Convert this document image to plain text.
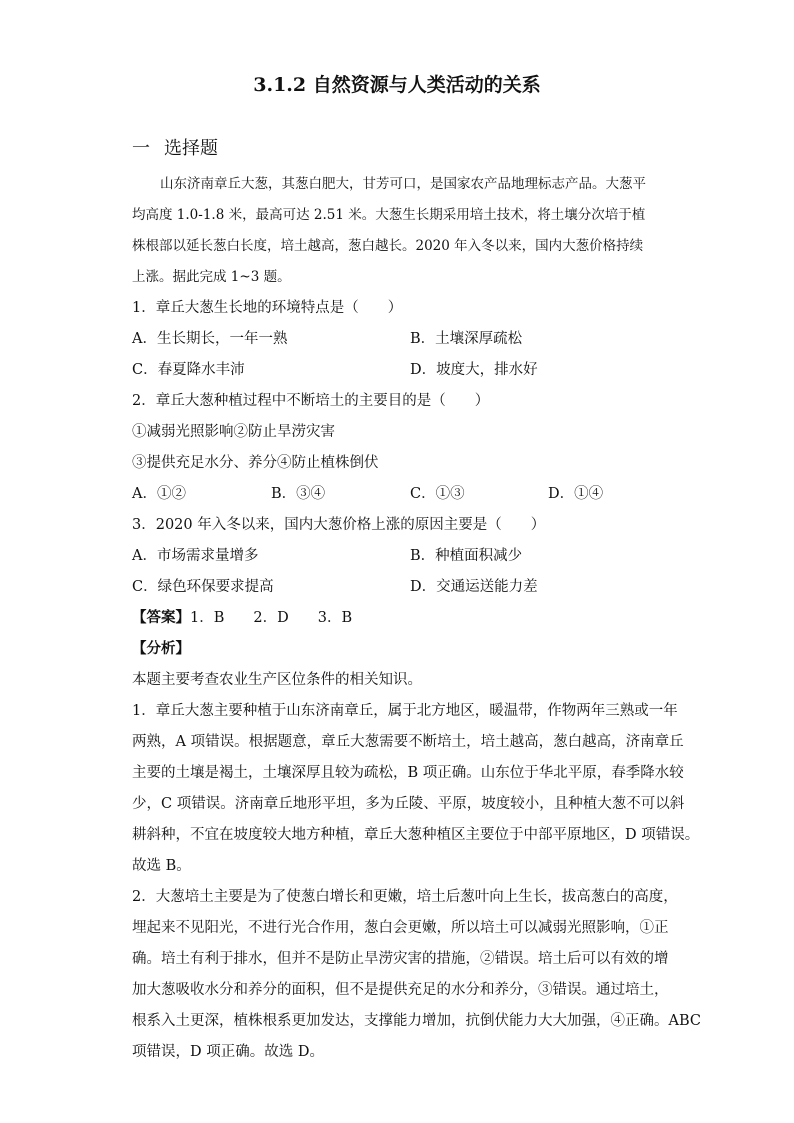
3.1.2 自然资源与人类活动的关系
一 选择题
山东济南章丘大葱，其葱白肥大，甘芳可口，是国家农产品地理标志产品。大葱平
均高度 1.0-1.8 米，最高可达 2.51 米。大葱生长期采用培土技术，将土壤分次培于植
株根部以延长葱白长度，培土越高，葱白越长。2020 年入冬以来，国内大葱价格持续
上涨。据此完成 1~3 题。
1．章丘大葱生长地的环境特点是（　　）
A．生长期长，一年一熟	B．土壤深厚疏松
C．春夏降水丰沛	D．坡度大，排水好
2．章丘大葱种植过程中不断培土的主要目的是（　　）
①减弱光照影响②防止旱涝灾害
③提供充足水分、养分④防止植株倒伏
A．①②	B．③④	C．①③	D．①④
3．2020 年入冬以来，国内大葱价格上涨的原因主要是（　　）
A．市场需求量增多	B．种植面积减少
C．绿色环保要求提高	D．交通运送能力差
【答案】1．B　　2．D　　3．B
【分析】
本题主要考查农业生产区位条件的相关知识。
1．章丘大葱主要种植于山东济南章丘，属于北方地区，暖温带，作物两年三熟或一年
两熟，A 项错误。根据题意，章丘大葱需要不断培土，培土越高，葱白越高，济南章丘
主要的土壤是褐土，土壤深厚且较为疏松，B 项正确。山东位于华北平原，春季降水较
少，C 项错误。济南章丘地形平坦，多为丘陵、平原，坡度较小，且种植大葱不可以斜
耕斜种，不宜在坡度较大地方种植，章丘大葱种植区主要位于中部平原地区，D 项错误。
故选 B。
2．大葱培土主要是为了使葱白增长和更嫩，培土后葱叶向上生长，拔高葱白的高度，
埋起来不见阳光，不进行光合作用，葱白会更嫩，所以培土可以减弱光照影响，①正
确。培土有利于排水，但并不是防止旱涝灾害的措施，②错误。培土后可以有效的增
加大葱吸收水分和养分的面积，但不是提供充足的水分和养分，③错误。通过培土，
根系入土更深，植株根系更加发达，支撑能力增加，抗倒伏能力大大加强，④正确。ABC
项错误，D 项正确。故选 D。
